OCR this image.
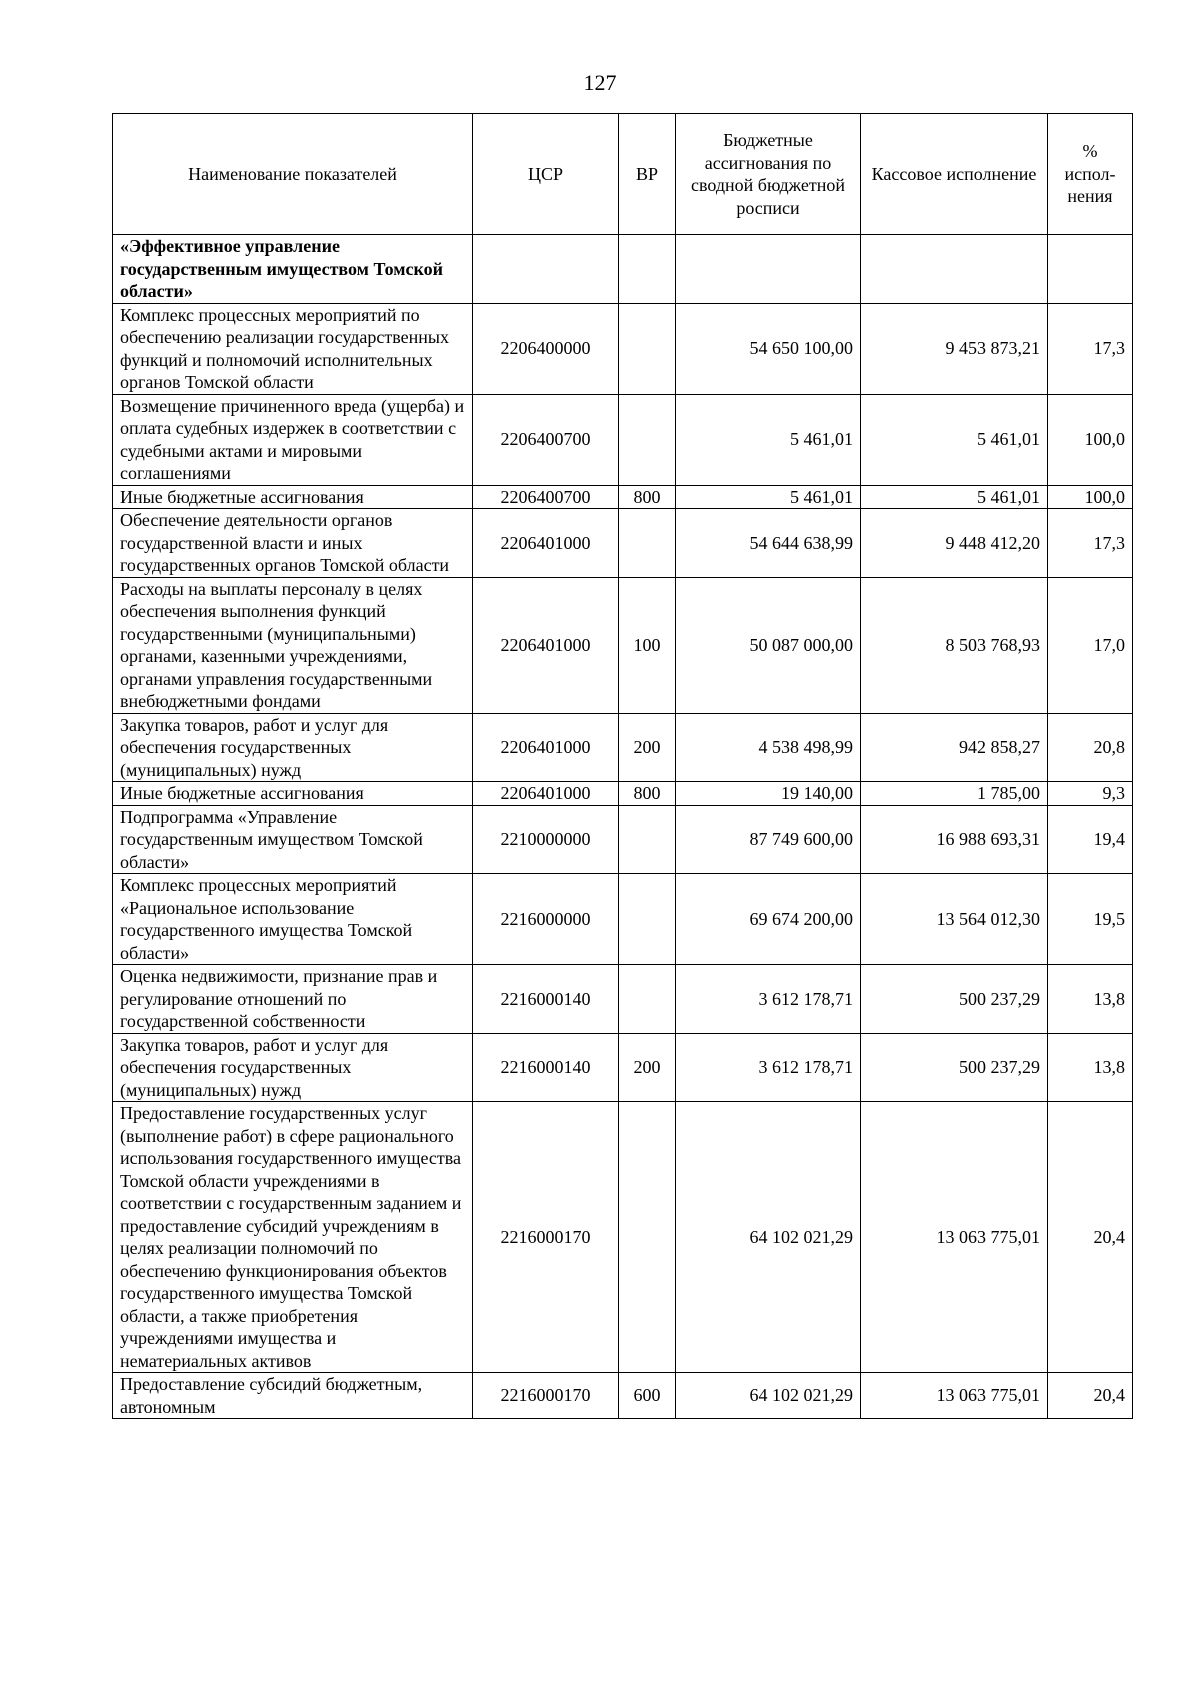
127
Наименование показателей	ЦСР	ВР	Бюджетные ассигнования по сводной бюджетной росписи	Кассовое исполнение	% испол-нения
«Эффективное управление государственным имуществом Томской области»					
Комплекс процессных мероприятий по обеспечению реализации государственных функций и полномочий исполнительных органов Томской области	2206400000		54 650 100,00	9 453 873,21	17,3
Возмещение причиненного вреда (ущерба) и оплата судебных издержек в соответствии с судебными актами и мировыми соглашениями	2206400700		5 461,01	5 461,01	100,0
Иные бюджетные ассигнования	2206400700	800	5 461,01	5 461,01	100,0
Обеспечение деятельности органов государственной власти и иных государственных органов Томской области	2206401000		54 644 638,99	9 448 412,20	17,3
Расходы на выплаты персоналу в целях обеспечения выполнения функций государственными (муниципальными) органами, казенными учреждениями, органами управления государственными внебюджетными фондами	2206401000	100	50 087 000,00	8 503 768,93	17,0
Закупка товаров, работ и услуг для обеспечения государственных (муниципальных) нужд	2206401000	200	4 538 498,99	942 858,27	20,8
Иные бюджетные ассигнования	2206401000	800	19 140,00	1 785,00	9,3
Подпрограмма «Управление государственным имуществом Томской области»	2210000000		87 749 600,00	16 988 693,31	19,4
Комплекс процессных мероприятий «Рациональное использование государственного имущества Томской области»	2216000000		69 674 200,00	13 564 012,30	19,5
Оценка недвижимости, признание прав и регулирование отношений по государственной собственности	2216000140		3 612 178,71	500 237,29	13,8
Закупка товаров, работ и услуг для обеспечения государственных (муниципальных) нужд	2216000140	200	3 612 178,71	500 237,29	13,8
Предоставление государственных услуг (выполнение работ) в сфере рационального использования государственного имущества Томской области учреждениями в соответствии с государственным заданием и предоставление субсидий учреждениям в целях реализации полномочий по обеспечению функционирования объектов государственного имущества Томской области, а также приобретения учреждениями имущества и нематериальных активов	2216000170		64 102 021,29	13 063 775,01	20,4
Предоставление субсидий бюджетным, автономным	2216000170	600	64 102 021,29	13 063 775,01	20,4
